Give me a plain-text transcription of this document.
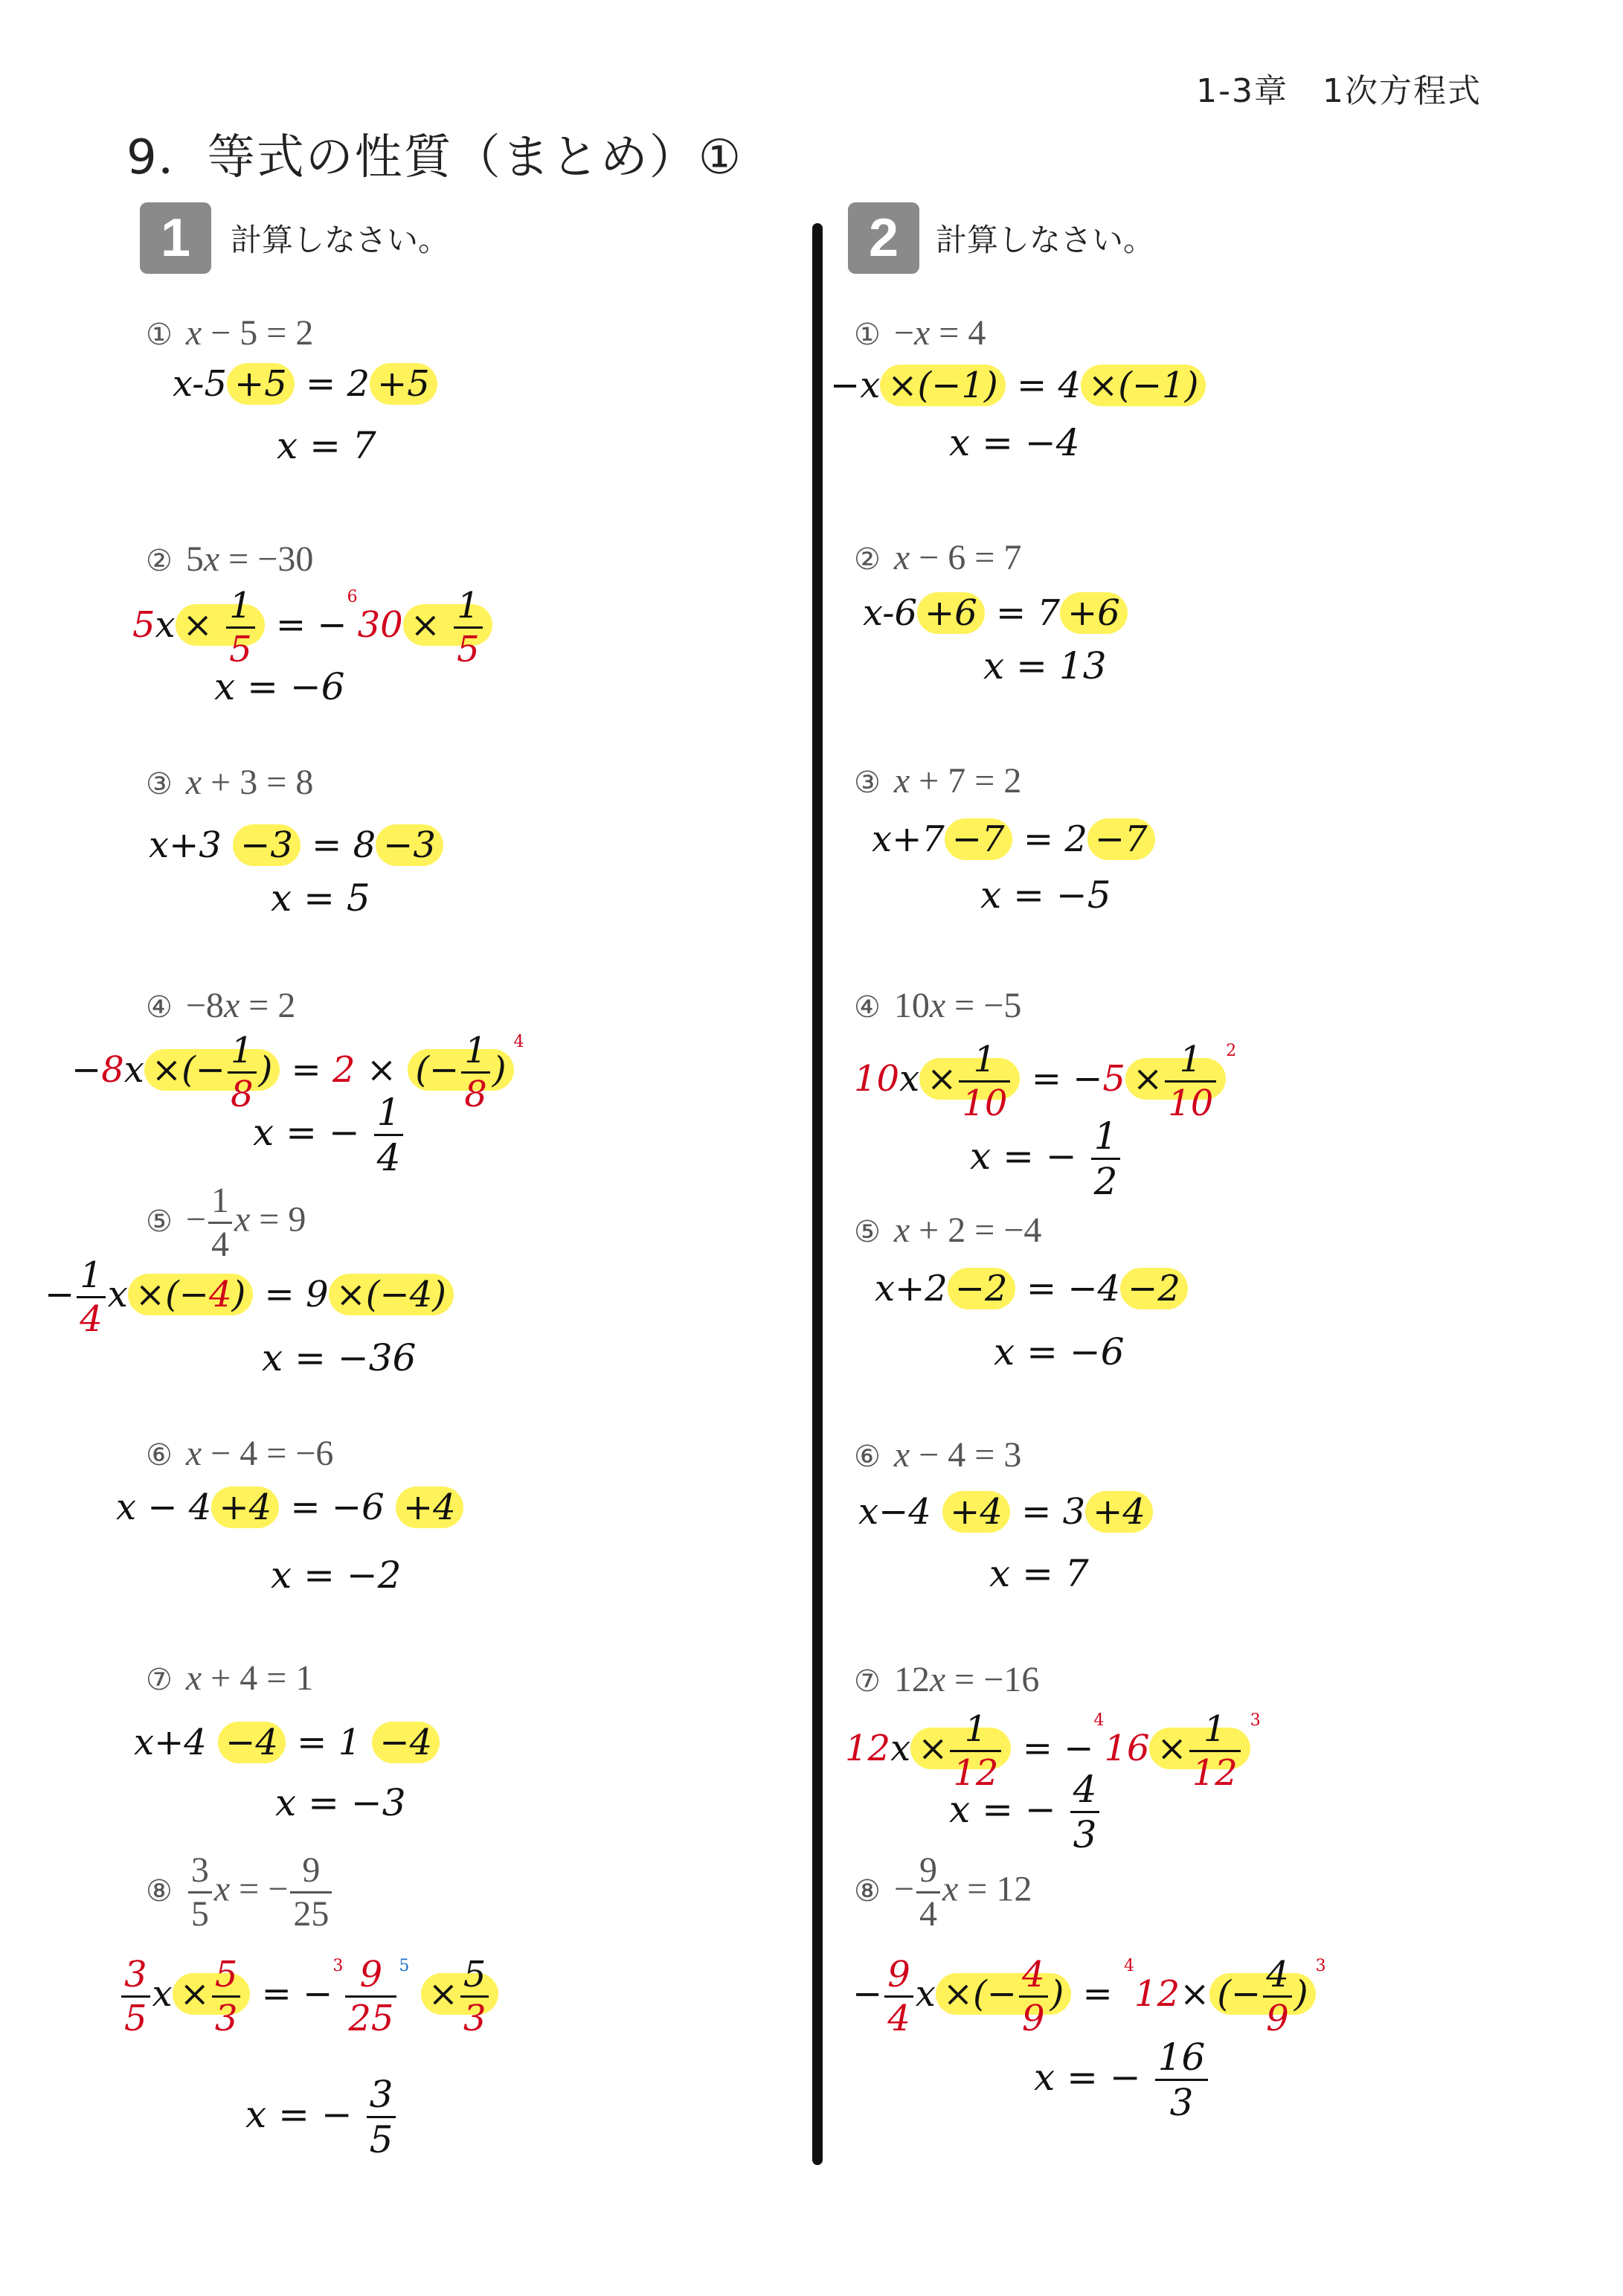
1-3章　1次方程式
9．等式の性質（まとめ）①
1	計算しなさい。	2	計算しなさい。
① x − 5 = 2
x-5 +5 = 2 +5
x = 7
② 5x = −30
$5x \times \frac{1}{5} = -^630 \times \frac{1}{5}$
x = −6
③ x + 3 = 8
x+3 −3 = 8 −3
x = 5
④ −8x = 2
−8x ×(− $\frac{1}{8}$ ) = 2 × (− $\frac{1}{8} )^4$
x = − $\frac{1}{4}$
⑤ − $\frac{1}{4}$ x = 9
− $\frac{1}{4}$ x ×(−4) = 9 ×(−4)
x = −36
⑥ x − 4 = −6
x − 4 +4 = −6 +4
x = −2
⑦ x + 4 = 1
x+4 −4 = 1 −4
x = −3
⑧ $\frac{3}{5}$ x = − $\frac{9}{25}$
$\frac{3}{5}$ $x \times \frac{5}{3} = -^3 \frac{9}{25} ^5 \times \frac{5}{3}$
x = − $\frac{3}{5}$
① −x = 4
−x ×(−1) = 4 ×(−1)
x = −4
② x − 6 = 7
x-6 +6 = 7 +6
x = 13
③ x + 7 = 2
x+7 −7 = 2 −7
x = −5
④ 10x = −5
$10x \times \frac{1}{10} = -5 \times \frac{1}{10} ^2$
x = − $\frac{1}{2}$
⑤ x + 2 = −4
x+2 −2 = −4 −2
x = −6
⑥ x − 4 = 3
x−4 +4 = 3 +4
x = 7
⑦ 12x = −16
$12x \times \frac{1}{12} = -^416 \times \frac{1}{12} ^3$
x = − $\frac{4}{3}$
⑧ − $\frac{9}{4}$ x = 12
− $\frac{9}{4}$ x ×(− $\frac{4}{9}$ ) = $^4$12× (− $\frac{4}{9} )^3$
x = − $\frac{16}{3}$
